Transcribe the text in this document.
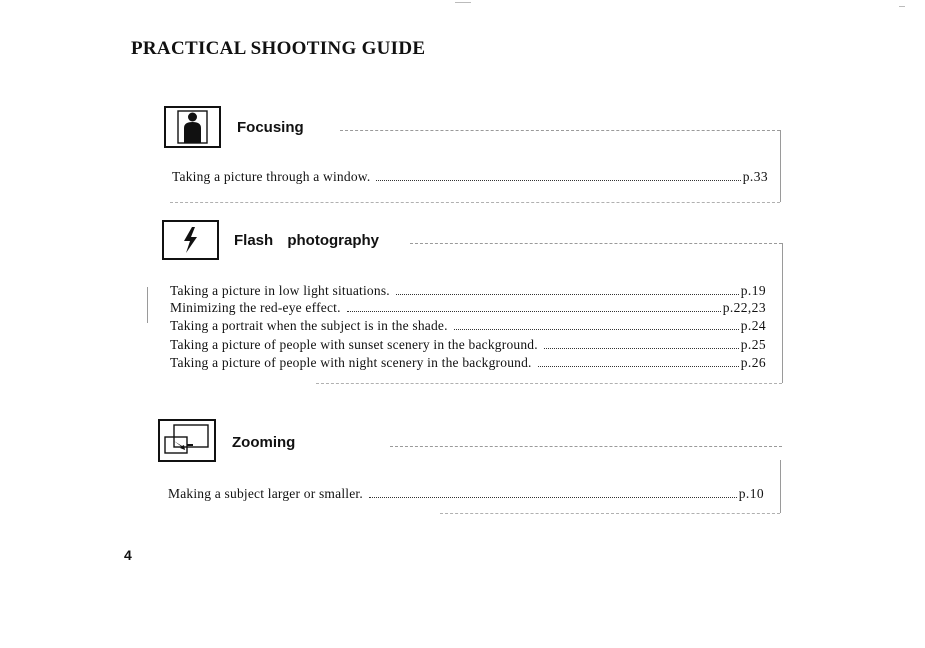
PRACTICAL SHOOTING GUIDE
Focusing
Taking a picture through a window.	p.33
Flash photography
Taking a picture in low light situations.	p.19
Minimizing the red-eye effect.	p.22,23
Taking a portrait when the subject is in the shade.	p.24
Taking a picture of people with sunset scenery in the background.	p.25
Taking a picture of people with night scenery in the background.	p.26
Zooming
Making a subject larger or smaller.	p.10
4
